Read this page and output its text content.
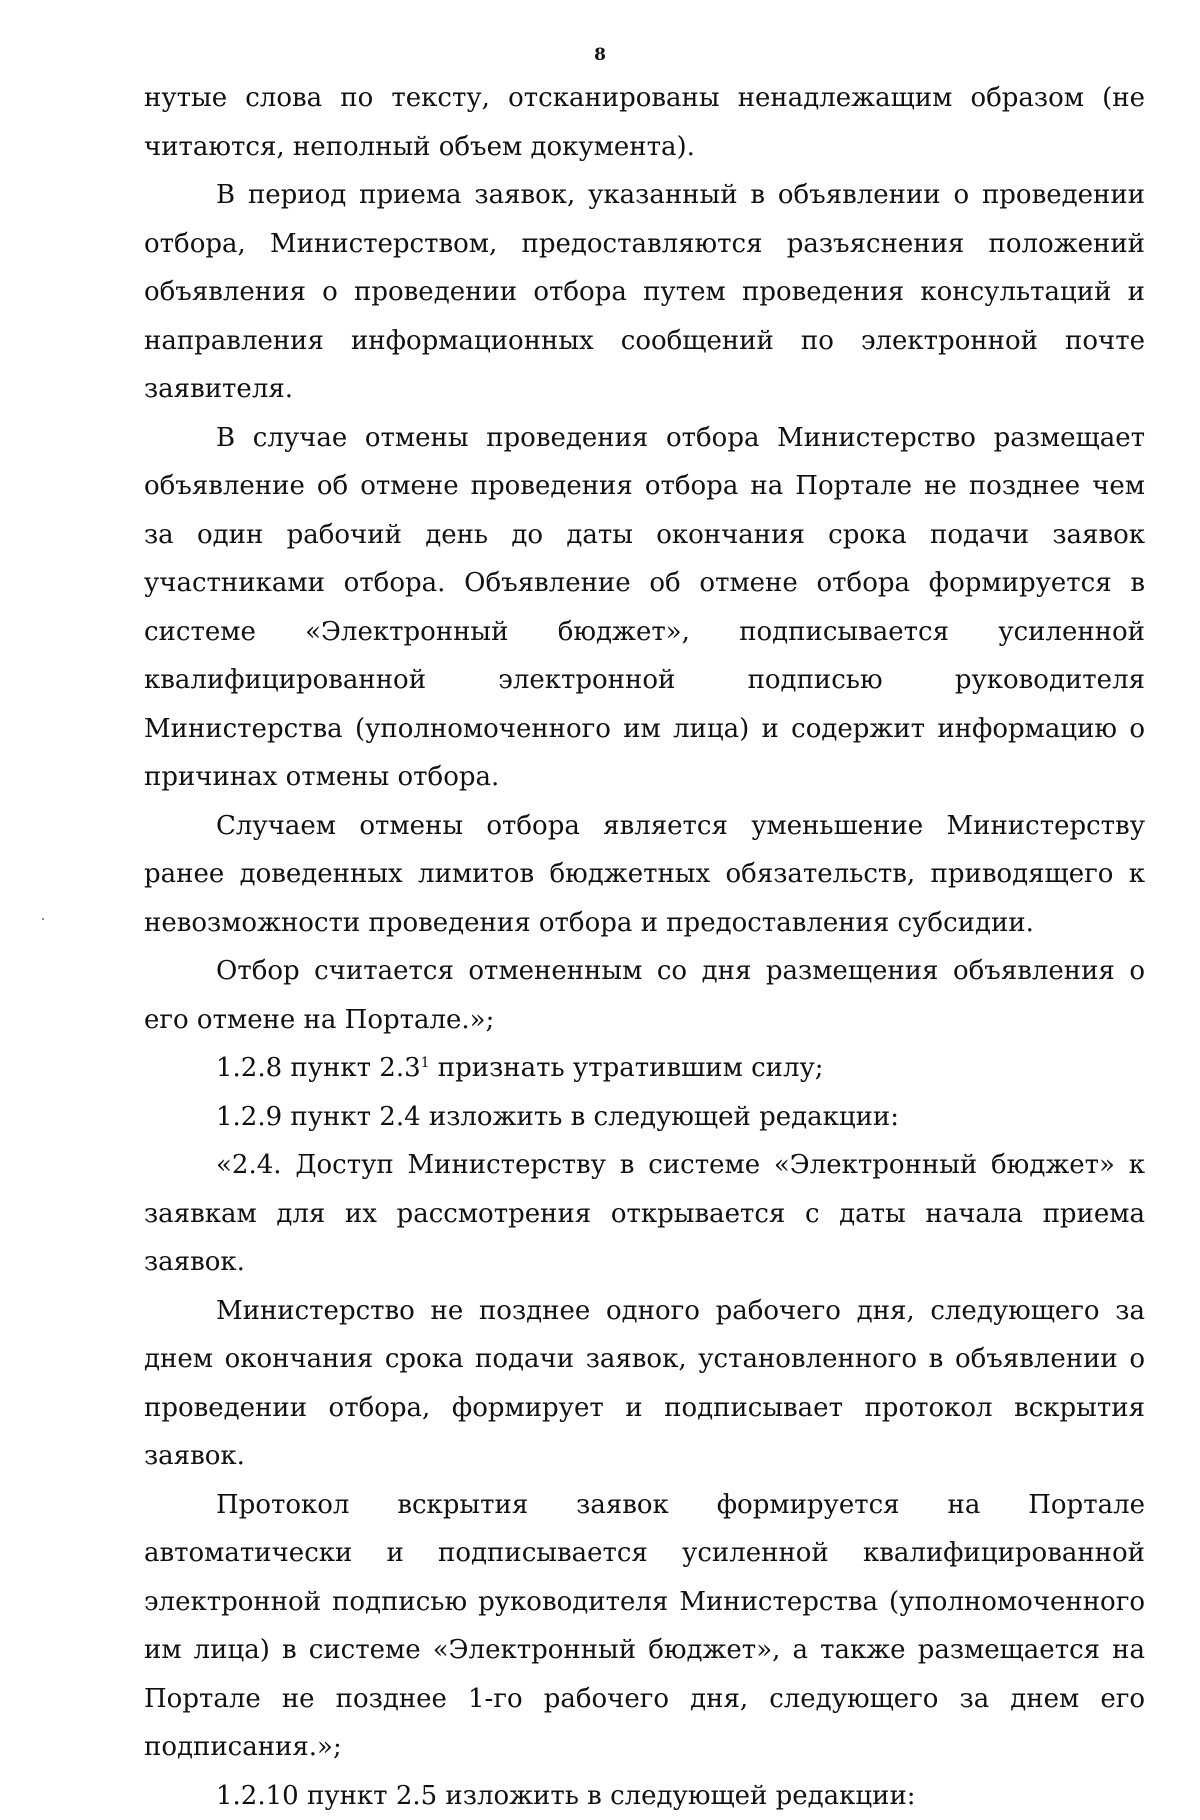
8

нутые слова по тексту, отсканированы ненадлежащим образом (не читаются, неполный объем документа).

В период приема заявок, указанный в объявлении о проведении отбора, Министерством, предоставляются разъяснения положений объявления о проведении отбора путем проведения консультаций и направления информационных сообщений по электронной почте заявителя.

В случае отмены проведения отбора Министерство размещает объявление об отмене проведения отбора на Портале не позднее чем за один рабочий день до даты окончания срока подачи заявок участниками отбора. Объявление об отмене отбора формируется в системе «Электронный бюджет», подписывается усиленной квалифицированной электронной подписью руководителя Министерства (уполномоченного им лица) и содержит информацию о причинах отмены отбора.

Случаем отмены отбора является уменьшение Министерству ранее доведенных лимитов бюджетных обязательств, приводящего к невозможности проведения отбора и предоставления субсидии.

Отбор считается отмененным со дня размещения объявления о его отмене на Портале.»;

1.2.8 пункт $2.3^1$ признать утратившим силу;

1.2.9 пункт 2.4 изложить в следующей редакции:

«2.4. Доступ Министерству в системе «Электронный бюджет» к заявкам для их рассмотрения открывается с даты начала приема заявок.

Министерство не позднее одного рабочего дня, следующего за днем окончания срока подачи заявок, установленного в объявлении о проведении отбора, формирует и подписывает протокол вскрытия заявок.

Протокол вскрытия заявок формируется на Портале автоматически и подписывается усиленной квалифицированной электронной подписью руководителя Министерства (уполномоченного им лица) в системе «Электронный бюджет», а также размещается на Портале не позднее 1-го рабочего дня, следующего за днем его подписания.»;

1.2.10 пункт 2.5 изложить в следующей редакции:
